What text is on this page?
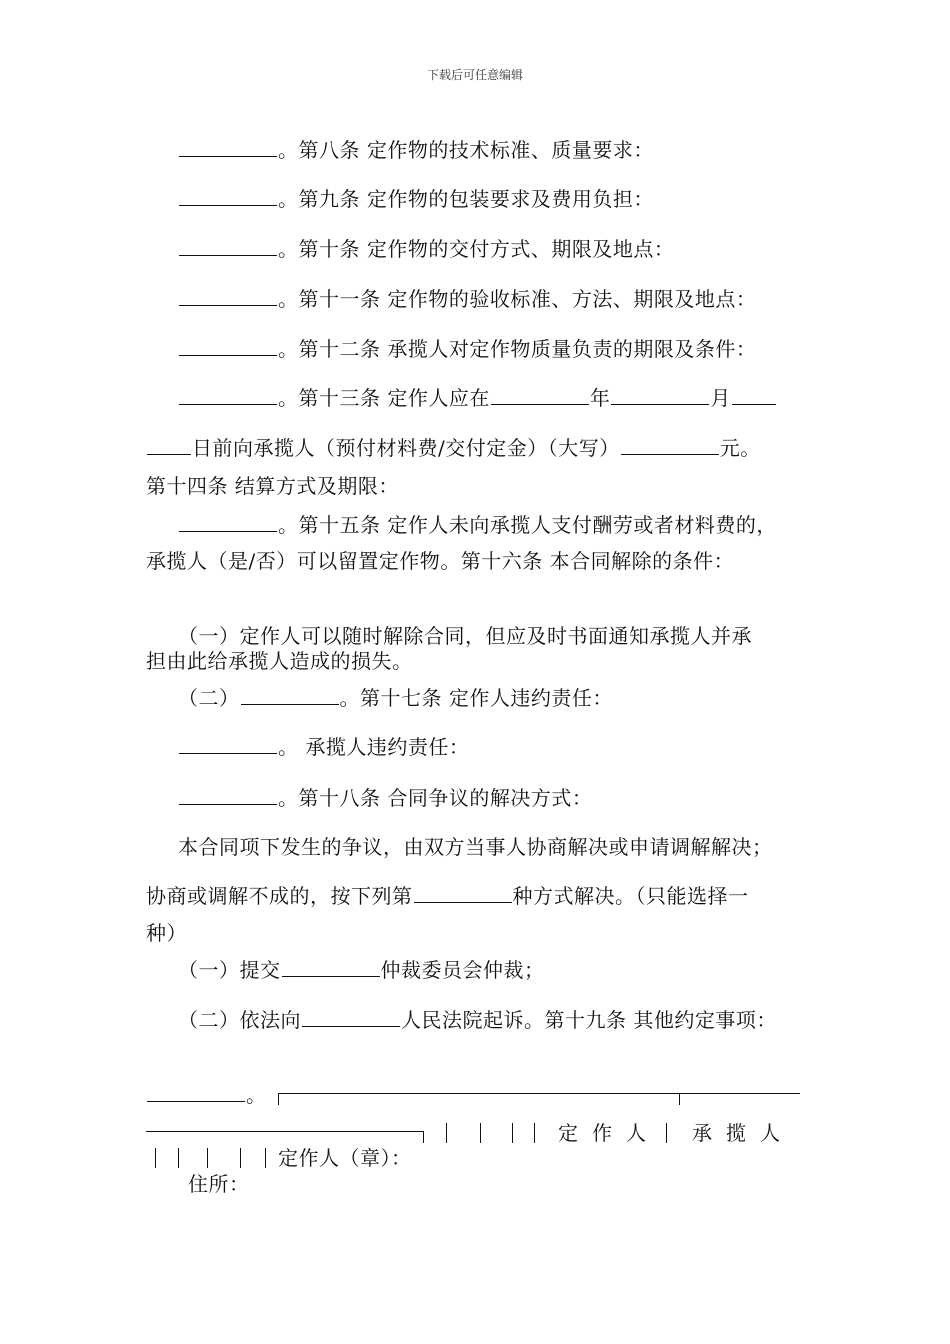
下载后可任意编辑
。第八条 定作物的技术标准、质量要求：
。第九条 定作物的包装要求及费用负担：
。第十条 定作物的交付方式、期限及地点：
。第十一条 定作物的验收标准、方法、期限及地点：
。第十二条 承揽人对定作物质量负责的期限及条件：
。第十三条 定作人应在	年	月
日前向承揽人（预付材料费/交付定金）（大写）	元。
第十四条 结算方式及期限：
。第十五条 定作人未向承揽人支付酬劳或者材料费的，
承揽人（是/否）可以留置定作物。第十六条 本合同解除的条件：
（一）定作人可以随时解除合同，但应及时书面通知承揽人并承
担由此给承揽人造成的损失。
（二）	。第十七条 定作人违约责任：
。 承揽人违约责任：
。第十八条 合同争议的解决方式：
本合同项下发生的争议，由双方当事人协商解决或申请调解解决；
协商或调解不成的，按下列第	种方式解决。（只能选择一
种）
（一）提交	仲裁委员会仲裁；
（二）依法向	人民法院起诉。第十九条 其他约定事项：
。
定作人 承揽人
定作人（章）：
住所：
